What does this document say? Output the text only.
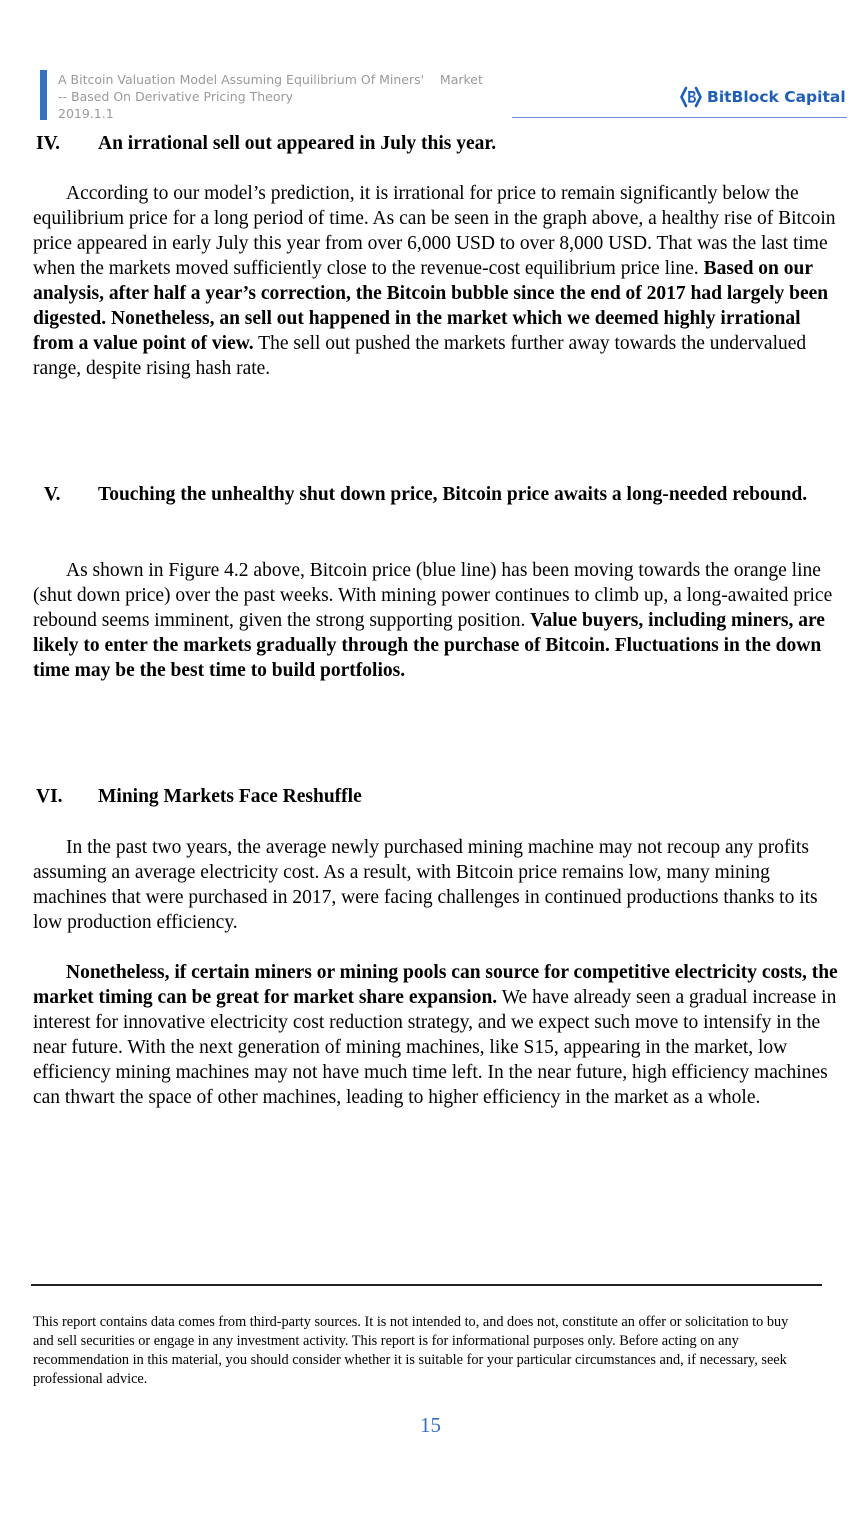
A Bitcoin Valuation Model Assuming Equilibrium Of Miners'    Market
-- Based On Derivative Pricing Theory
2019.1.1
BitBlock Capital
IV. An irrational sell out appeared in July this year.
According to our model’s prediction, it is irrational for price to remain significantly below the equilibrium price for a long period of time. As can be seen in the graph above, a healthy rise of Bitcoin price appeared in early July this year from over 6,000 USD to over 8,000 USD. That was the last time when the markets moved sufficiently close to the revenue-cost equilibrium price line. Based on our analysis, after half a year’s correction, the Bitcoin bubble since the end of 2017 had largely been digested. Nonetheless, an sell out happened in the market which we deemed highly irrational from a value point of view. The sell out pushed the markets further away towards the undervalued range, despite rising hash rate.
V. Touching the unhealthy shut down price, Bitcoin price awaits a long-needed rebound.
As shown in Figure 4.2 above, Bitcoin price (blue line) has been moving towards the orange line (shut down price) over the past weeks. With mining power continues to climb up, a long-awaited price rebound seems imminent, given the strong supporting position. Value buyers, including miners, are likely to enter the markets gradually through the purchase of Bitcoin. Fluctuations in the down time may be the best time to build portfolios.
VI. Mining Markets Face Reshuffle
In the past two years, the average newly purchased mining machine may not recoup any profits assuming an average electricity cost. As a result, with Bitcoin price remains low, many mining machines that were purchased in 2017, were facing challenges in continued productions thanks to its low production efficiency.
Nonetheless, if certain miners or mining pools can source for competitive electricity costs, the market timing can be great for market share expansion. We have already seen a gradual increase in interest for innovative electricity cost reduction strategy, and we expect such move to intensify in the near future. With the next generation of mining machines, like S15, appearing in the market, low efficiency mining machines may not have much time left. In the near future, high efficiency machines can thwart the space of other machines, leading to higher efficiency in the market as a whole.
This report contains data comes from third-party sources. It is not intended to, and does not, constitute an offer or solicitation to buy and sell securities or engage in any investment activity. This report is for informational purposes only. Before acting on any recommendation in this material, you should consider whether it is suitable for your particular circumstances and, if necessary, seek professional advice.
15
